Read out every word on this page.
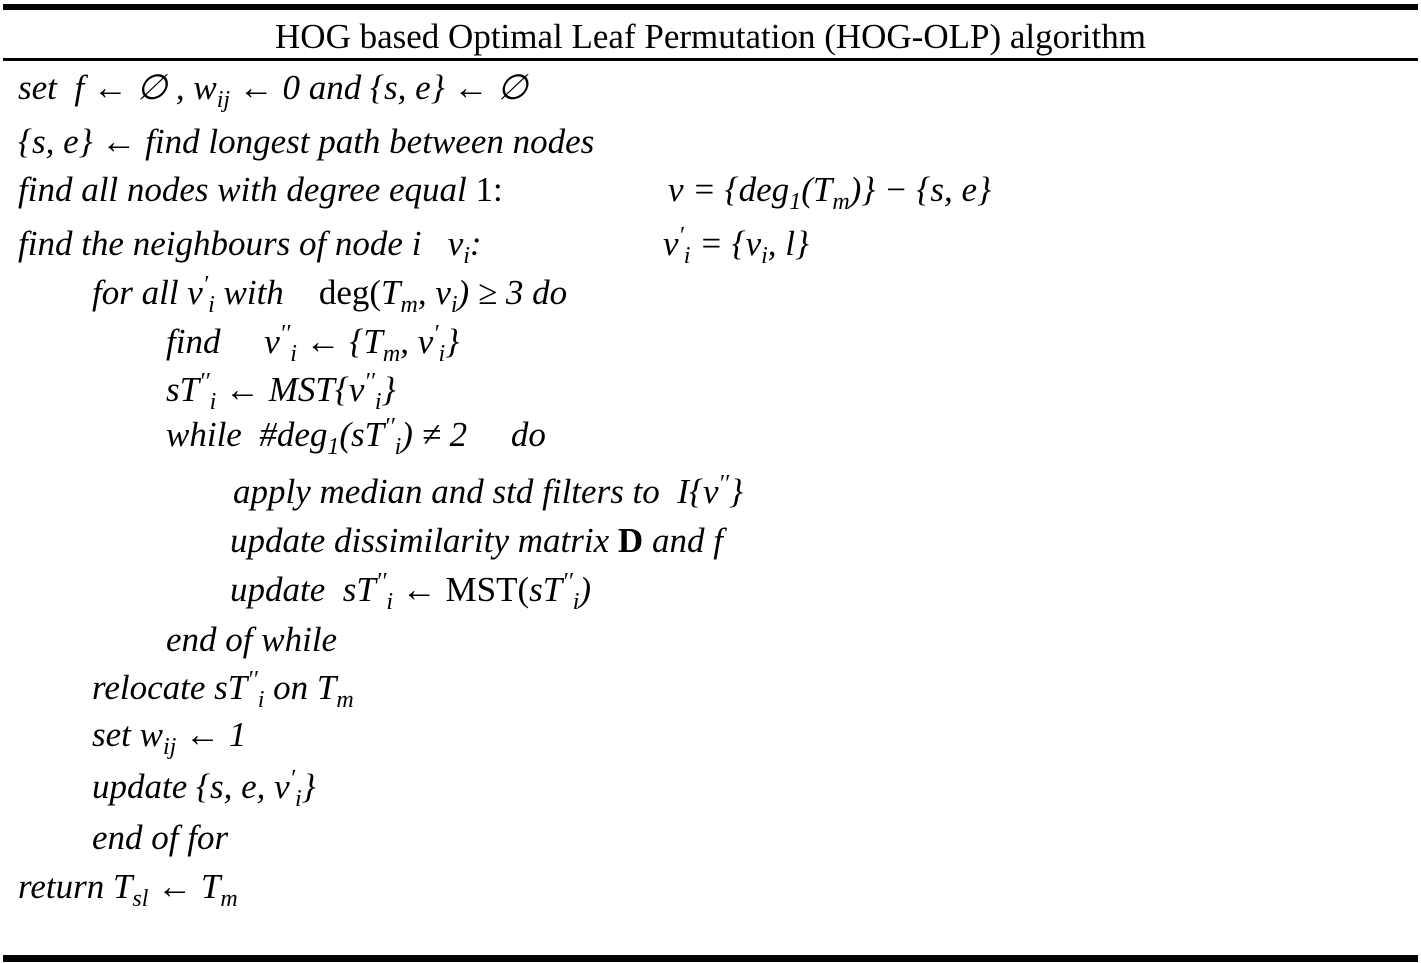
HOG based Optimal Leaf Permutation (HOG-OLP) algorithm
set f ← ∅ , $w_{ij}$ ← 0 and {s, e} ← ∅
{s, e} ← find longest path between nodes
find all nodes with degree equal 1:	$v = \{deg_1(T_m)\} - \{s$, e}
find the neighbours of node i $v_i$:	$v'_i = \{v_i$, l}
for all $v'_i$ with $deg(T_m$, $v_i) \ge 3$ do
find $v''_i$ ← {$T_m$, $v'_i$}
$sT''_i$ ← $MST\{v''_i\}$
while  $\#deg_1(sT''_i) \ne 2$ do
apply median and std filters to  I{v′′}
update dissimilarity matrix D and f
update  $sT''_i$ ← $MST(sT''_i)$
end of while
relocate $sT''_i$ on $T_m$
set $w_{ij}$ ← 1
update {s, e, $v'_i$}
end of for
return $T_{sl}$ ← $T_m$
